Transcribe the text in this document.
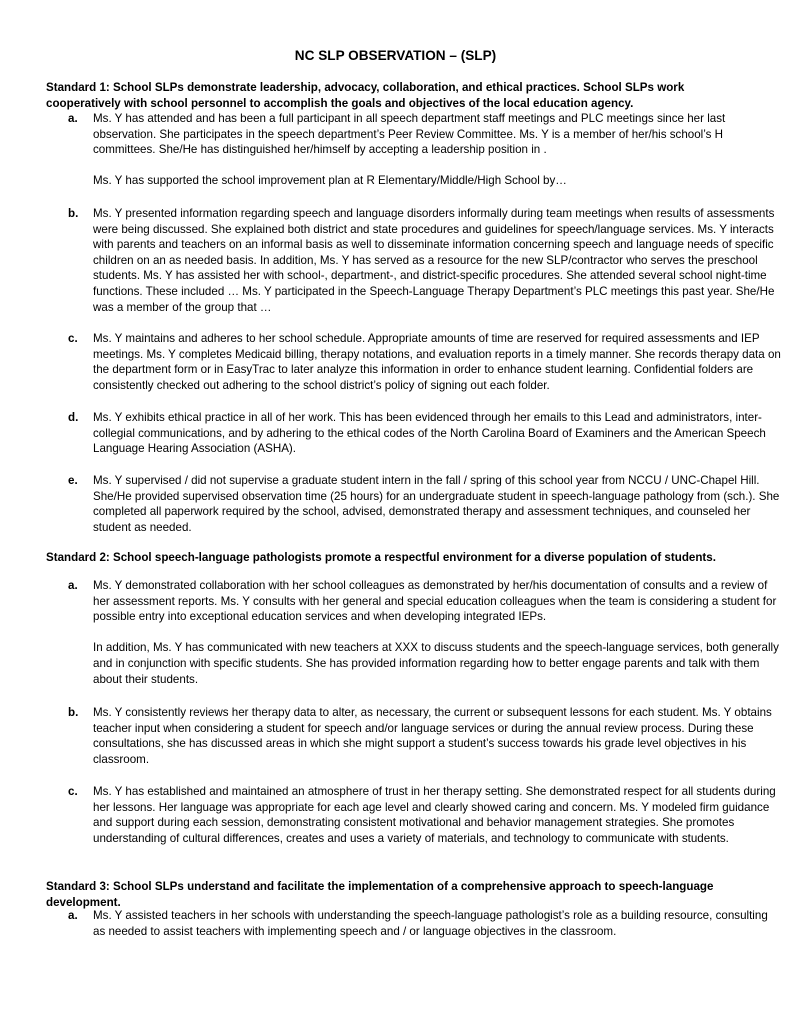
NC SLP OBSERVATION – (SLP)
Standard 1: School SLPs demonstrate leadership, advocacy, collaboration, and ethical practices. School SLPs work cooperatively with school personnel to accomplish the goals and objectives of the local education agency.
a. Ms. Y has attended and has been a full participant in all speech department staff meetings and PLC meetings since her last observation. She participates in the speech department’s Peer Review Committee. Ms. Y is a member of her/his school’s H committees. She/He has distinguished her/himself by accepting a leadership position in .

Ms. Y has supported the school improvement plan at R Elementary/Middle/High School by…

b. Ms. Y presented information regarding speech and language disorders informally during team meetings when results of assessments were being discussed. She explained both district and state procedures and guidelines for speech/language services. Ms. Y interacts with parents and teachers on an informal basis as well to disseminate information concerning speech and language needs of specific children on an as needed basis. In addition, Ms. Y has served as a resource for the new SLP/contractor who serves the preschool students. Ms. Y has assisted her with school-, department-, and district-specific procedures. She attended several school night-time functions. These included … Ms. Y participated in the Speech-Language Therapy Department’s PLC meetings this past year. She/He was a member of the group that …

c. Ms. Y maintains and adheres to her school schedule. Appropriate amounts of time are reserved for required assessments and IEP meetings. Ms. Y completes Medicaid billing, therapy notations, and evaluation reports in a timely manner. She records therapy data on the department form or in EasyTrac to later analyze this information in order to enhance student learning. Confidential folders are consistently checked out adhering to the school district’s policy of signing out each folder.

d. Ms. Y exhibits ethical practice in all of her work. This has been evidenced through her emails to this Lead and administrators, inter-collegial communications, and by adhering to the ethical codes of the North Carolina Board of Examiners and the American Speech Language Hearing Association (ASHA).

e. Ms. Y supervised / did not supervise a graduate student intern in the fall / spring of this school year from NCCU / UNC-Chapel Hill. She/He provided supervised observation time (25 hours) for an undergraduate student in speech-language pathology from (sch.). She completed all paperwork required by the school, advised, demonstrated therapy and assessment techniques, and counseled her student as needed.

Standard 2: School speech-language pathologists promote a respectful environment for a diverse population of students.
a. Ms. Y demonstrated collaboration with her school colleagues as demonstrated by her/his documentation of consults and a review of her assessment reports. Ms. Y consults with her general and special education colleagues when the team is considering a student for possible entry into exceptional education services and when developing integrated IEPs.

In addition, Ms. Y has communicated with new teachers at XXX to discuss students and the speech-language services, both generally and in conjunction with specific students. She has provided information regarding how to better engage parents and talk with them about their students.

b. Ms. Y consistently reviews her therapy data to alter, as necessary, the current or subsequent lessons for each student. Ms. Y obtains teacher input when considering a student for speech and/or language services or during the annual review process. During these consultations, she has discussed areas in which she might support a student’s success towards his grade level objectives in his classroom.

c. Ms. Y has established and maintained an atmosphere of trust in her therapy setting. She demonstrated respect for all students during her lessons. Her language was appropriate for each age level and clearly showed caring and concern. Ms. Y modeled firm guidance and support during each session, demonstrating consistent motivational and behavior management strategies. She promotes understanding of cultural differences, creates and uses a variety of materials, and technology to communicate with students.

Standard 3: School SLPs understand and facilitate the implementation of a comprehensive approach to speech-language development.
a. Ms. Y assisted teachers in her schools with understanding the speech-language pathologist’s role as a building resource, consulting as needed to assist teachers with implementing speech and / or language objectives in the classroom.
